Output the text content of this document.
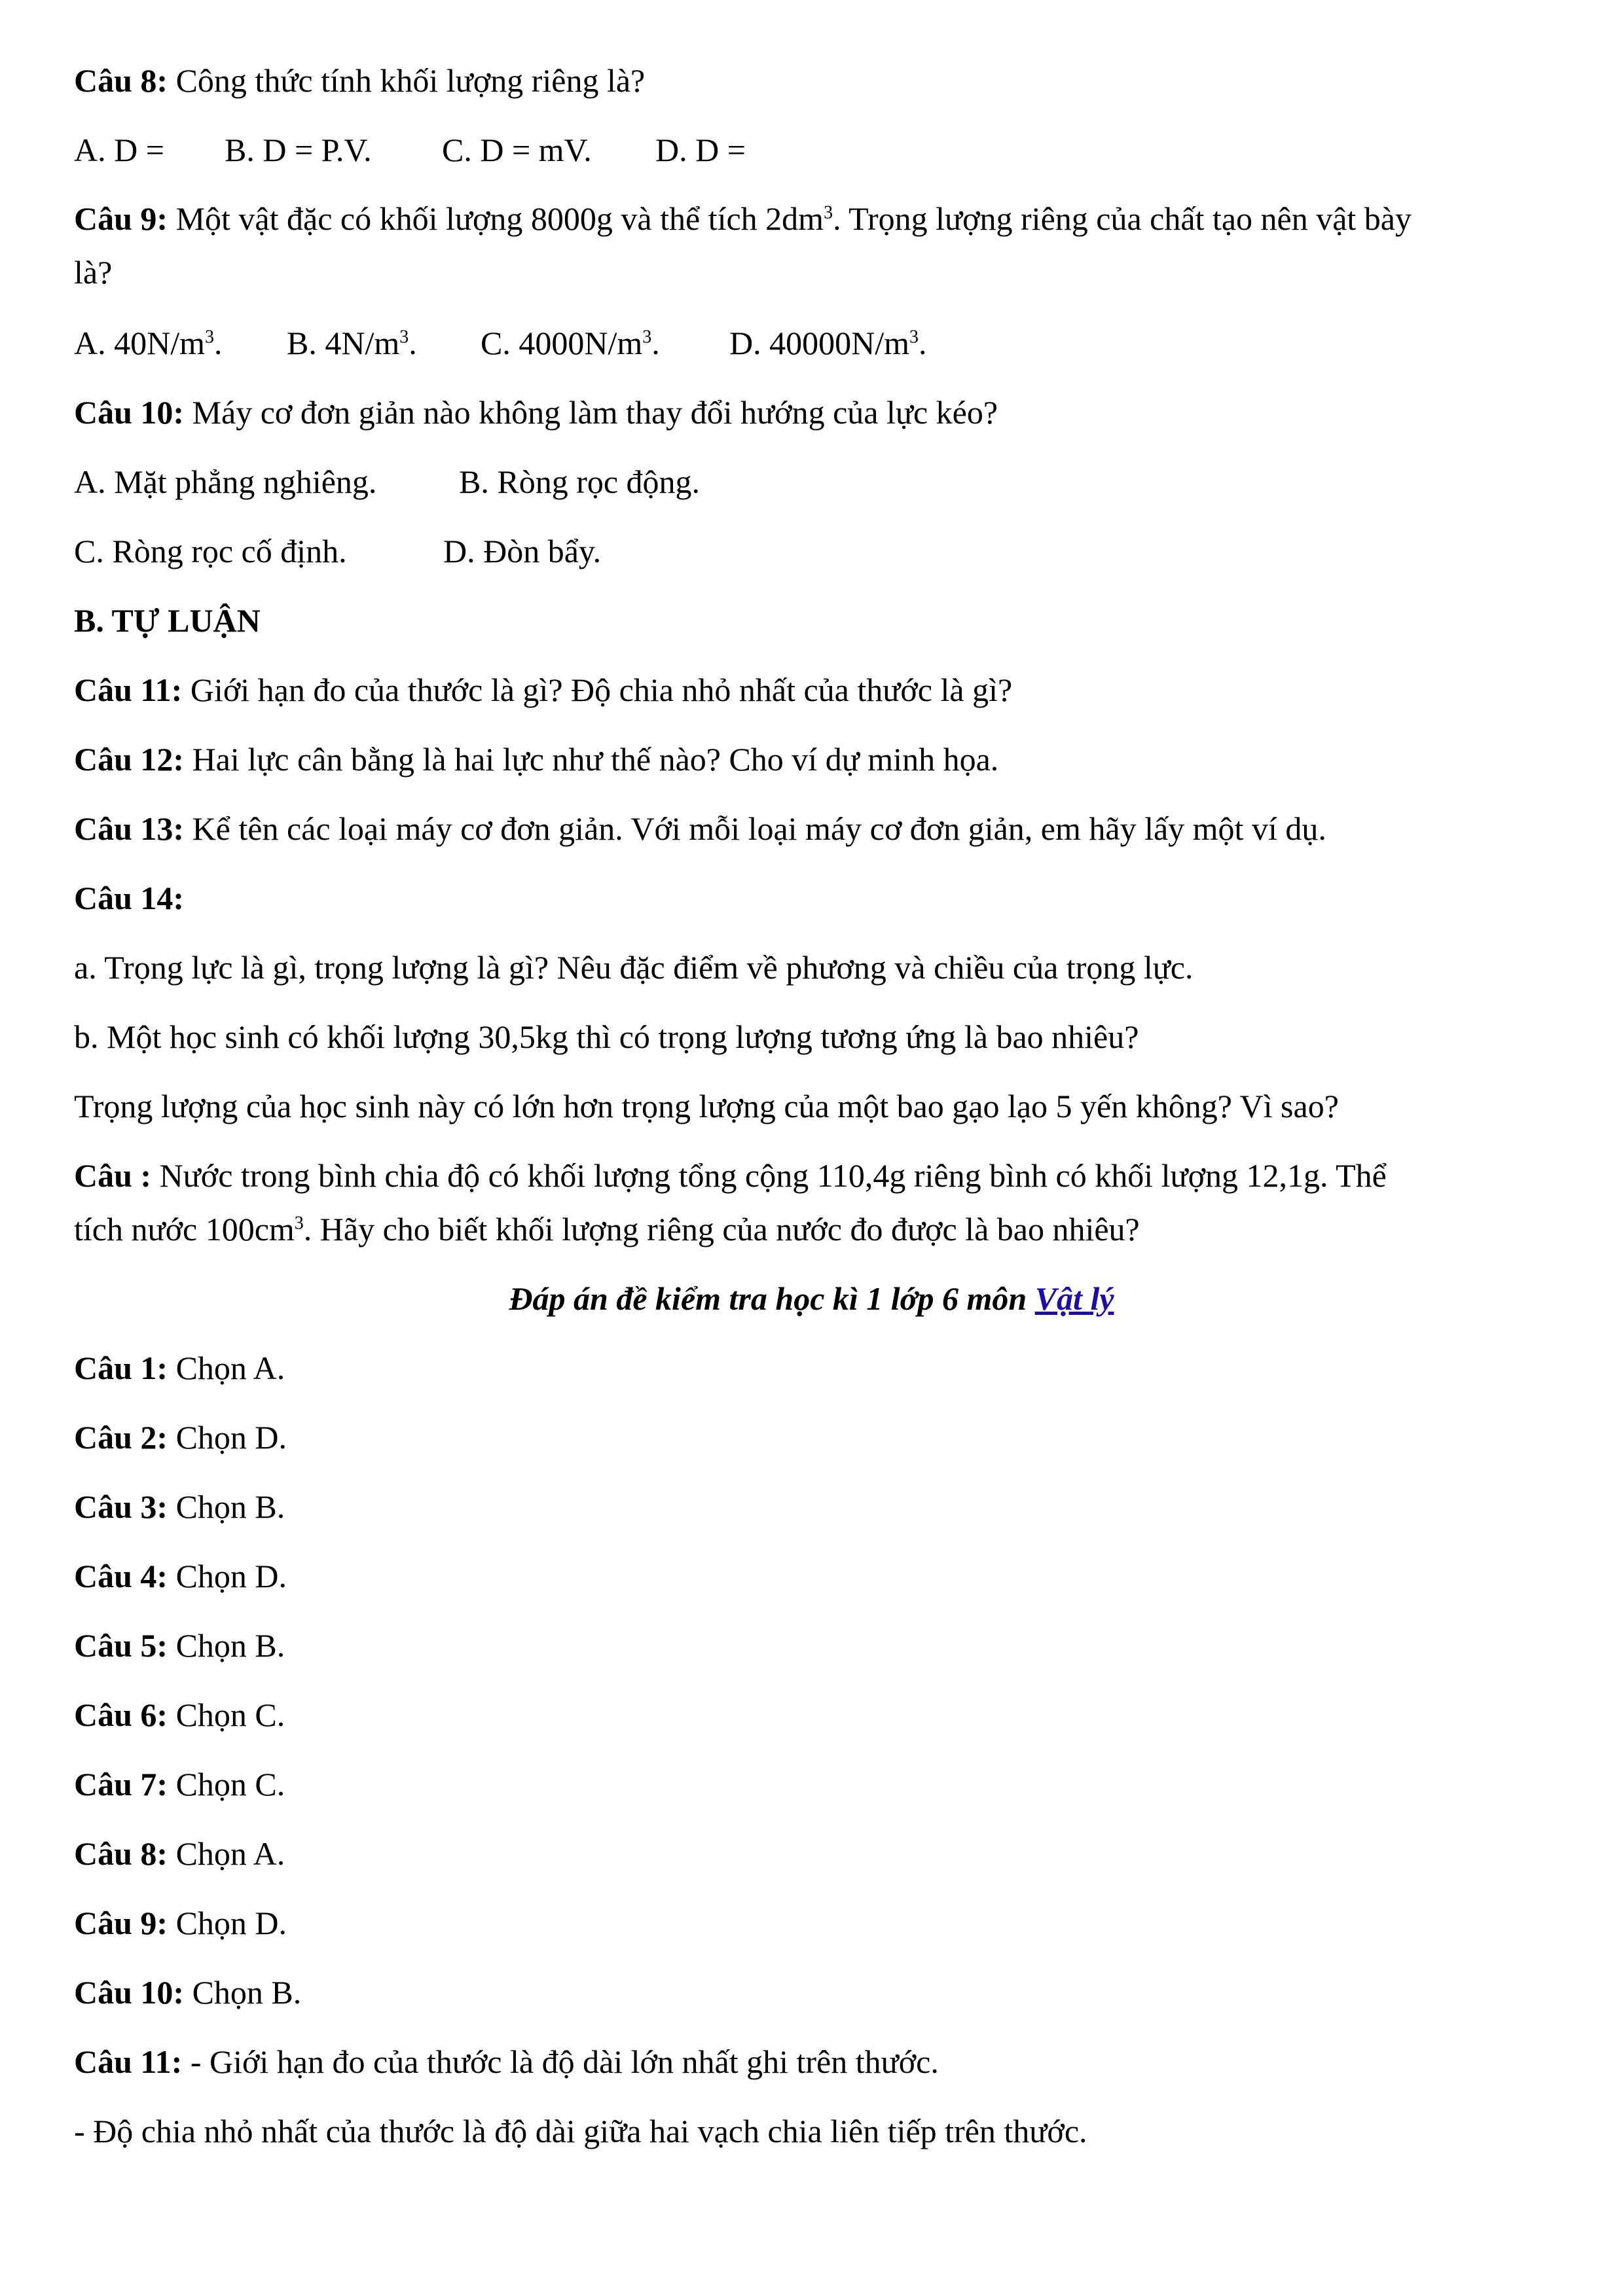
Câu 8: Công thức tính khối lượng riêng là?
A. D = B. D = P.V. C. D = mV. D. D =
Câu 9: Một vật đặc có khối lượng 8000g và thể tích $2dm^3$. Trọng lượng riêng của chất tạo nên vật bày
là?
A. $40N/m^3$. B. $4N/m^3$. C. $4000N/m^3$. D. $40000N/m^3$.
Câu 10: Máy cơ đơn giản nào không làm thay đổi hướng của lực kéo?
A. Mặt phẳng nghiêng.	B. Ròng rọc động.
C. Ròng rọc cố định.	D. Đòn bẩy.
B. TỰ LUẬN
Câu 11: Giới hạn đo của thước là gì? Độ chia nhỏ nhất của thước là gì?
Câu 12: Hai lực cân bằng là hai lực như thế nào? Cho ví dự minh họa.
Câu 13: Kể tên các loại máy cơ đơn giản. Với mỗi loại máy cơ đơn giản, em hãy lấy một ví dụ.
Câu 14:
a. Trọng lực là gì, trọng lượng là gì? Nêu đặc điểm về phương và chiều của trọng lực.
b. Một học sinh có khối lượng 30,5kg thì có trọng lượng tương ứng là bao nhiêu?
Trọng lượng của học sinh này có lớn hơn trọng lượng của một bao gạo lạo 5 yến không? Vì sao?
Câu : Nước trong bình chia độ có khối lượng tổng cộng 110,4g riêng bình có khối lượng 12,1g. Thể
tích nước $100cm^3$. Hãy cho biết khối lượng riêng của nước đo được là bao nhiêu?
Đáp án đề kiểm tra học kì 1 lớp 6 môn Vật lý
Câu 1: Chọn A.
Câu 2: Chọn D.
Câu 3: Chọn B.
Câu 4: Chọn D.
Câu 5: Chọn B.
Câu 6: Chọn C.
Câu 7: Chọn C.
Câu 8: Chọn A.
Câu 9: Chọn D.
Câu 10: Chọn B.
Câu 11: - Giới hạn đo của thước là độ dài lớn nhất ghi trên thước.
- Độ chia nhỏ nhất của thước là độ dài giữa hai vạch chia liên tiếp trên thước.
